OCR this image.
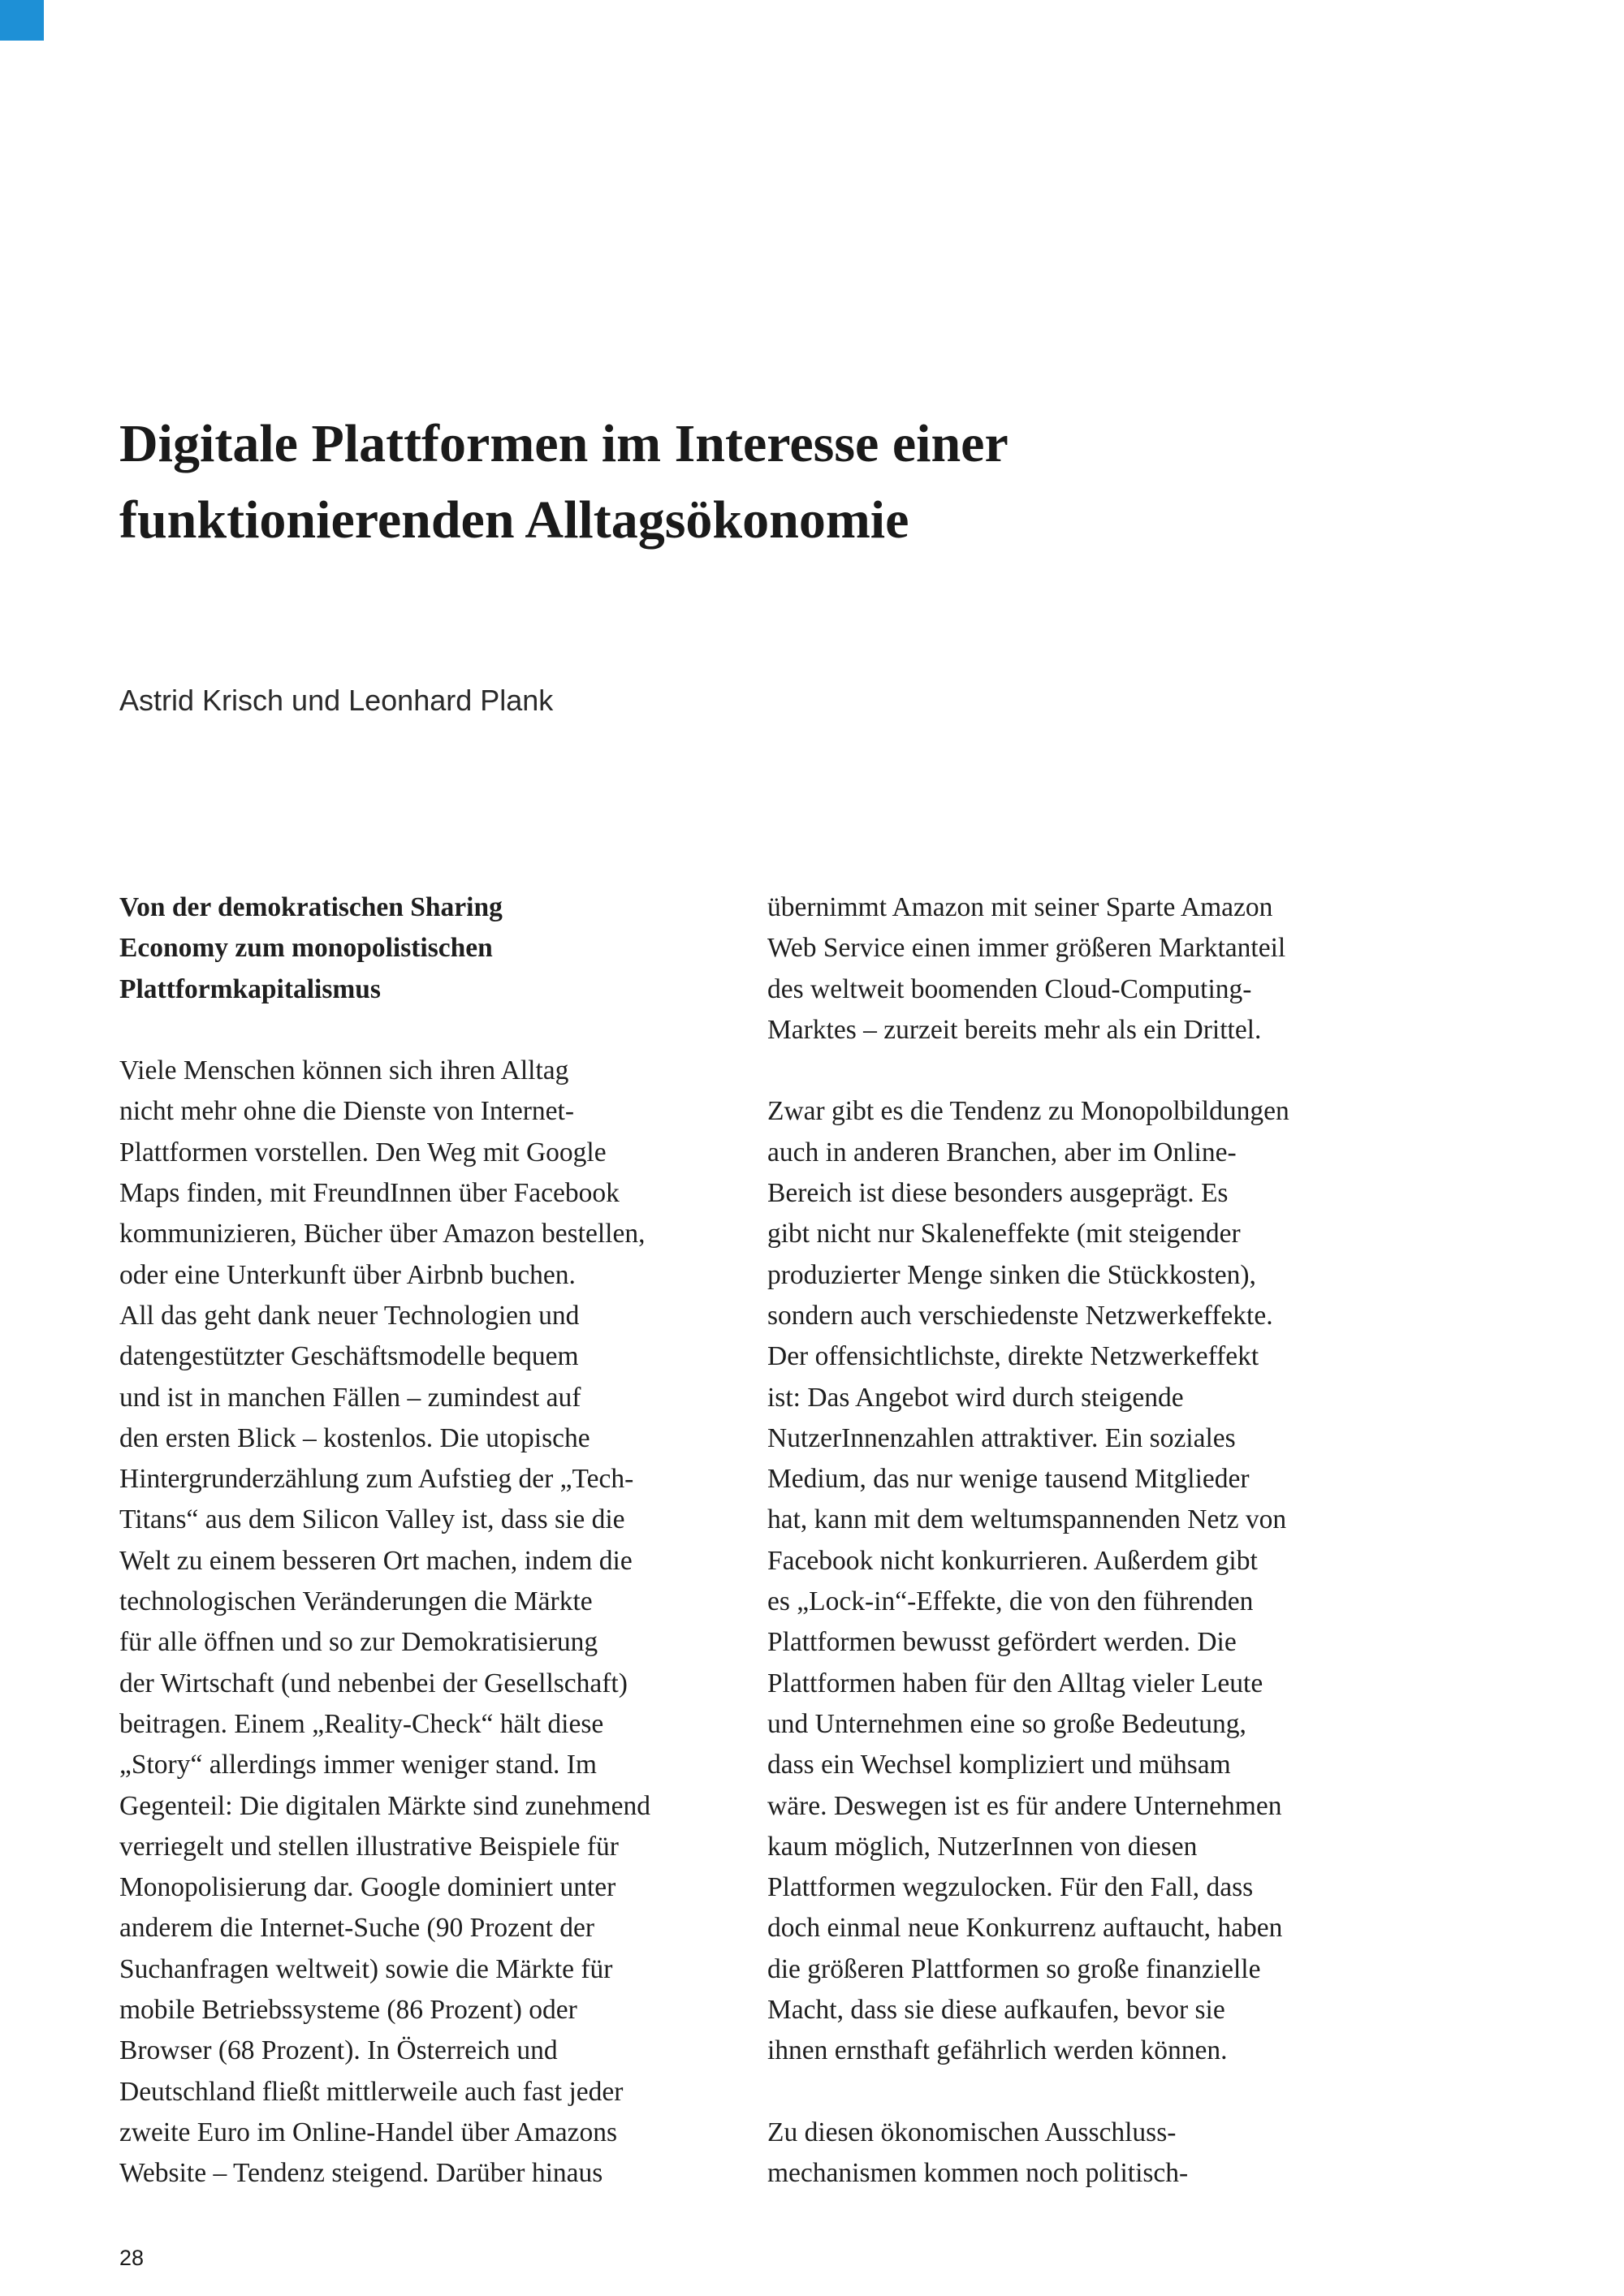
Digitale Plattformen im Interesse einer
funktionierenden Alltagsökonomie

Astrid Krisch und Leonhard Plank

Von der demokratischen Sharing
Economy zum monopolistischen
Plattformkapitalismus
Viele Menschen können sich ihren Alltag
nicht mehr ohne die Dienste von Internet-
Plattformen vorstellen. Den Weg mit Google
Maps finden, mit FreundInnen über Facebook
kommunizieren, Bücher über Amazon bestellen,
oder eine Unterkunft über Airbnb buchen.
All das geht dank neuer Technologien und
datengestützter Geschäftsmodelle bequem
und ist in manchen Fällen – zumindest auf
den ersten Blick – kostenlos. Die utopische
Hintergrunderzählung zum Aufstieg der „Tech-
Titans“ aus dem Silicon Valley ist, dass sie die
Welt zu einem besseren Ort machen, indem die
technologischen Veränderungen die Märkte
für alle öffnen und so zur Demokratisierung
der Wirtschaft (und nebenbei der Gesellschaft)
beitragen. Einem „Reality-Check“ hält diese
„Story“ allerdings immer weniger stand. Im
Gegenteil: Die digitalen Märkte sind zunehmend
verriegelt und stellen illustrative Beispiele für
Monopolisierung dar. Google dominiert unter
anderem die Internet-Suche (90 Prozent der
Suchanfragen weltweit) sowie die Märkte für
mobile Betriebssysteme (86 Prozent) oder
Browser (68 Prozent). In Österreich und
Deutschland fließt mittlerweile auch fast jeder
zweite Euro im Online-Handel über Amazons
Website – Tendenz steigend. Darüber hinaus
übernimmt Amazon mit seiner Sparte Amazon
Web Service einen immer größeren Marktanteil
des weltweit boomenden Cloud-Computing-
Marktes – zurzeit bereits mehr als ein Drittel.
Zwar gibt es die Tendenz zu Monopolbildungen
auch in anderen Branchen, aber im Online-
Bereich ist diese besonders ausgeprägt. Es
gibt nicht nur Skaleneffekte (mit steigender
produzierter Menge sinken die Stückkosten),
sondern auch verschiedenste Netzwerkeffekte.
Der offensichtlichste, direkte Netzwerkeffekt
ist: Das Angebot wird durch steigende
NutzerInnenzahlen attraktiver. Ein soziales
Medium, das nur wenige tausend Mitglieder
hat, kann mit dem weltumspannenden Netz von
Facebook nicht konkurrieren. Außerdem gibt
es „Lock-in“-Effekte, die von den führenden
Plattformen bewusst gefördert werden. Die
Plattformen haben für den Alltag vieler Leute
und Unternehmen eine so große Bedeutung,
dass ein Wechsel kompliziert und mühsam
wäre. Deswegen ist es für andere Unternehmen
kaum möglich, NutzerInnen von diesen
Plattformen wegzulocken. Für den Fall, dass
doch einmal neue Konkurrenz auftaucht, haben
die größeren Plattformen so große finanzielle
Macht, dass sie diese aufkaufen, bevor sie
ihnen ernsthaft gefährlich werden können.
Zu diesen ökonomischen Ausschluss-
mechanismen kommen noch politisch-

28
